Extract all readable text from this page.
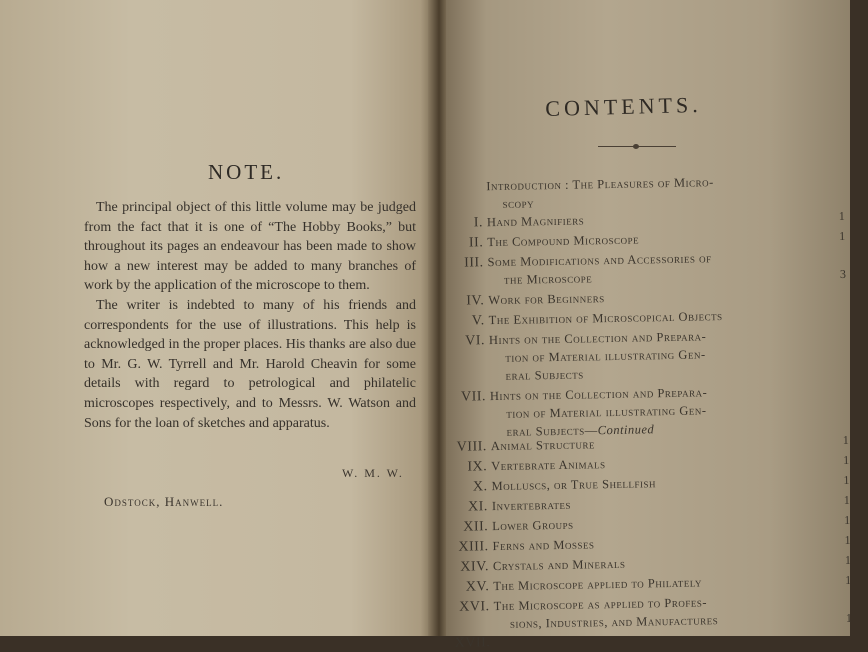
NOTE.

The principal object of this little volume may be judged from the fact that it is one of “The Hobby Books,” but throughout its pages an endeavour has been made to show how a new interest may be added to many branches of work by the application of the microscope to them.

The writer is indebted to many of his friends and correspondents for the use of illustrations. This help is acknowledged in the proper places. His thanks are also due to Mr. G. W. Tyrrell and Mr. Harold Cheavin for some details with regard to petrological and philatelic microscopes respectively, and to Messrs. W. Watson and Sons for the loan of sketches and apparatus.

W. M. W.
Odstock, Hanwell.
CONTENTS.
Introduction : The Pleasures of Micro-
scopy
I. Hand Magnifiers	1
II. The Compound Microscope	1
III. Some Modifications and Accessories of
the Microscope	3
IV. Work for Beginners
V. The Exhibition of Microscopical Objects
VI. Hints on the Collection and Prepara-
tion of Material illustrating Gen-
eral Subjects
VII. Hints on the Collection and Prepara-
tion of Material illustrating Gen-
eral Subjects—Continued
VIII. Animal Structure	1
IX. Vertebrate Animals	1
X. Molluscs, or True Shellfish	1
XI. Invertebrates	1
XII. Lower Groups	1
XIII. Ferns and Mosses	1
XIV. Crystals and Minerals	1
XV. The Microscope applied to Philately	1
XVI. The Microscope as applied to Profes-
sions, Industries, and Manufactures	1
XVII.
